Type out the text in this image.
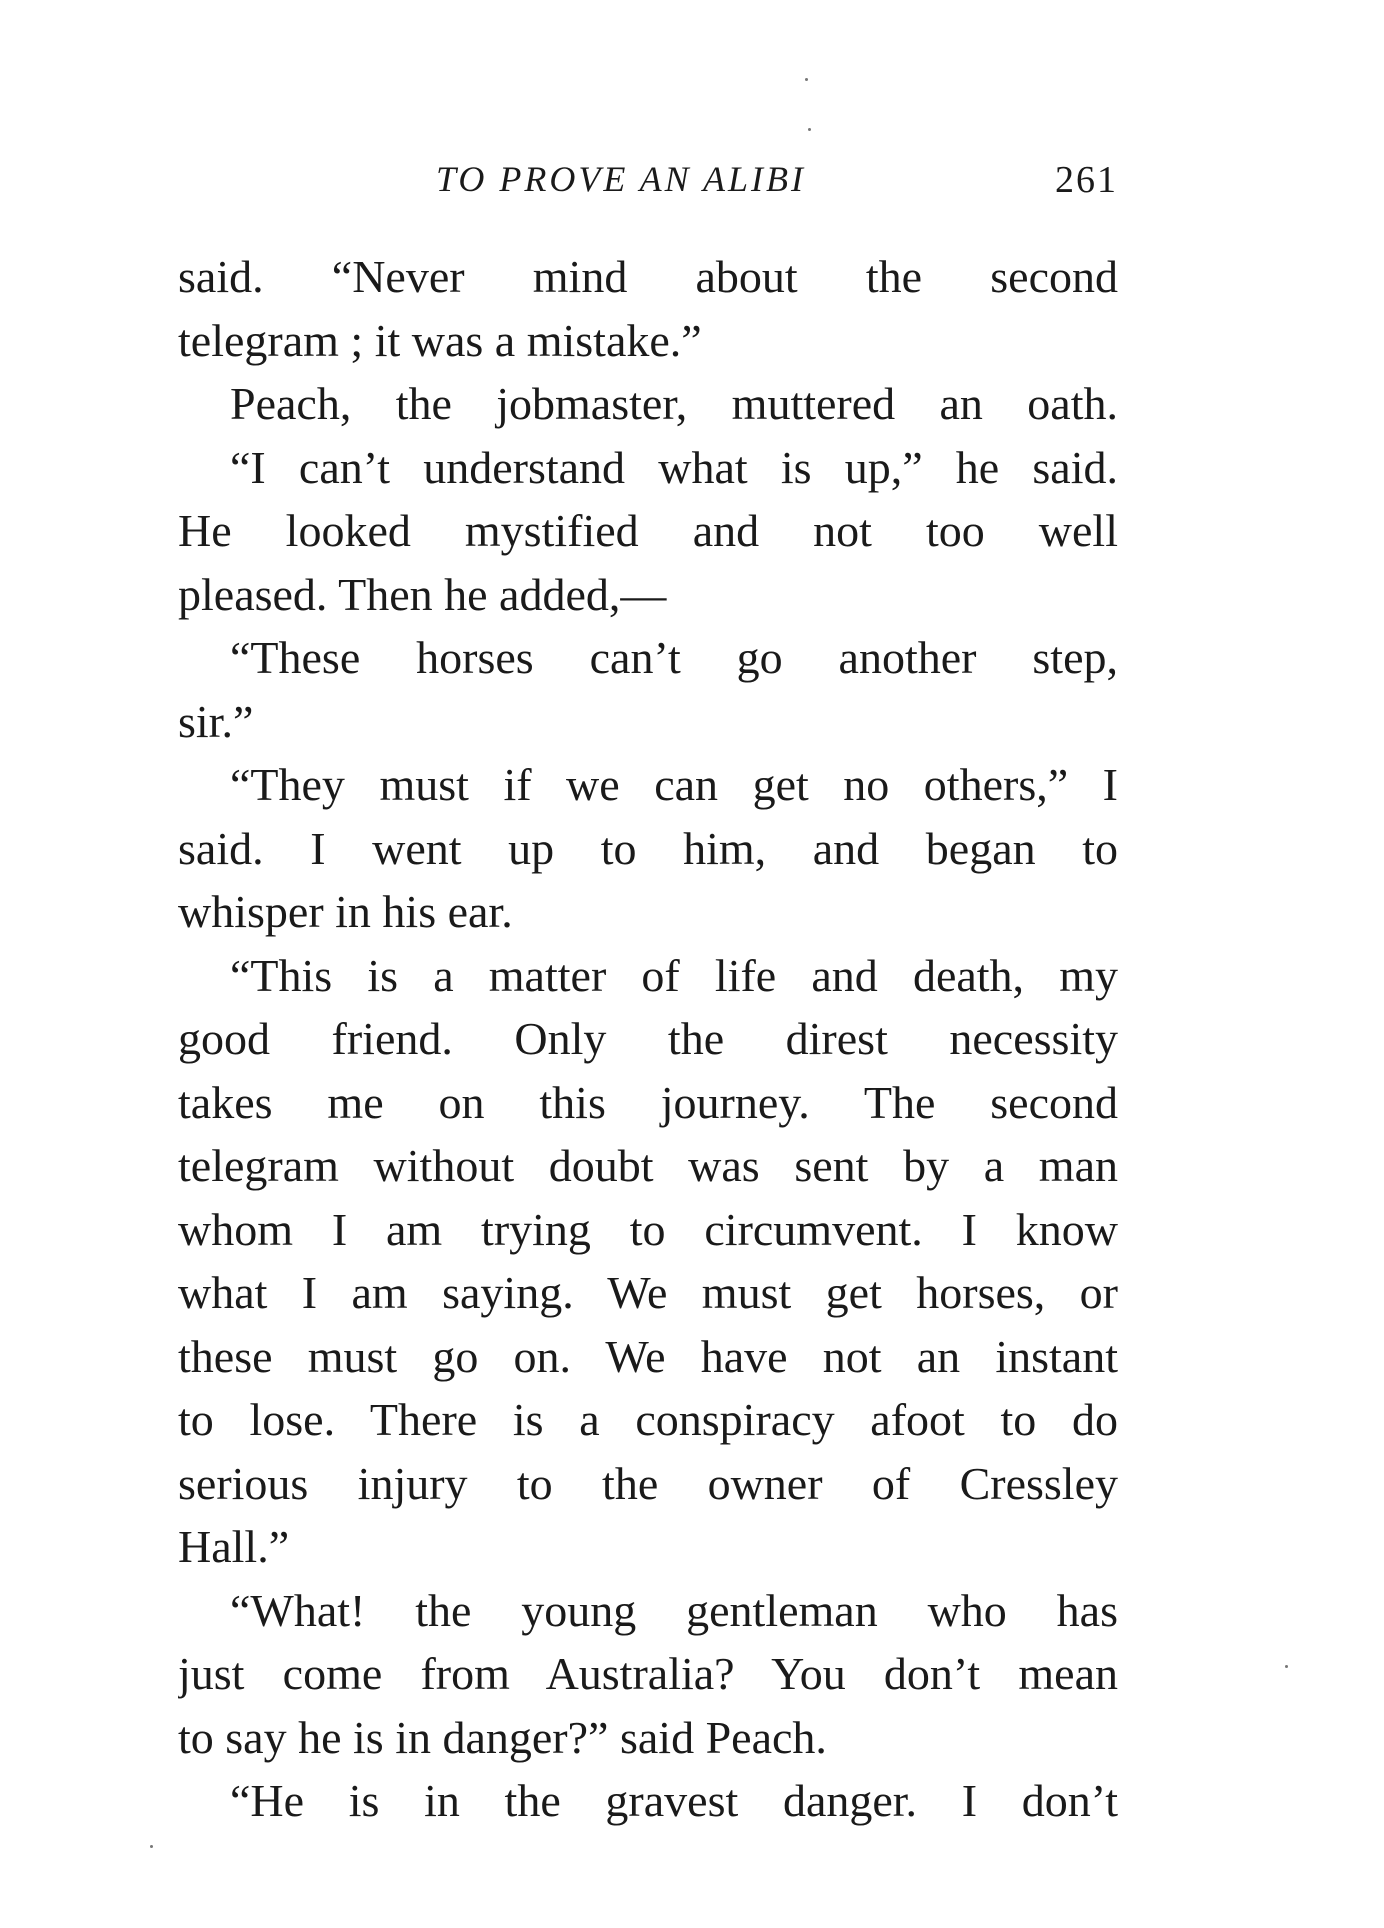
TO PROVE AN ALIBI	261
said. “Never mind about the second
telegram ; it was a mistake.”
Peach, the jobmaster, muttered an oath.
“I can’t understand what is up,” he said.
He looked mystified and not too well
pleased. Then he added,—
“These horses can’t go another step,
sir.”
“They must if we can get no others,” I
said. I went up to him, and began to
whisper in his ear.
“This is a matter of life and death, my
good friend. Only the direst necessity
takes me on this journey. The second
telegram without doubt was sent by a man
whom I am trying to circumvent. I know
what I am saying. We must get horses, or
these must go on. We have not an instant
to lose. There is a conspiracy afoot to do
serious injury to the owner of Cressley
Hall.”
“What! the young gentleman who has
just come from Australia? You don’t mean
to say he is in danger?” said Peach.
“He is in the gravest danger. I don’t
